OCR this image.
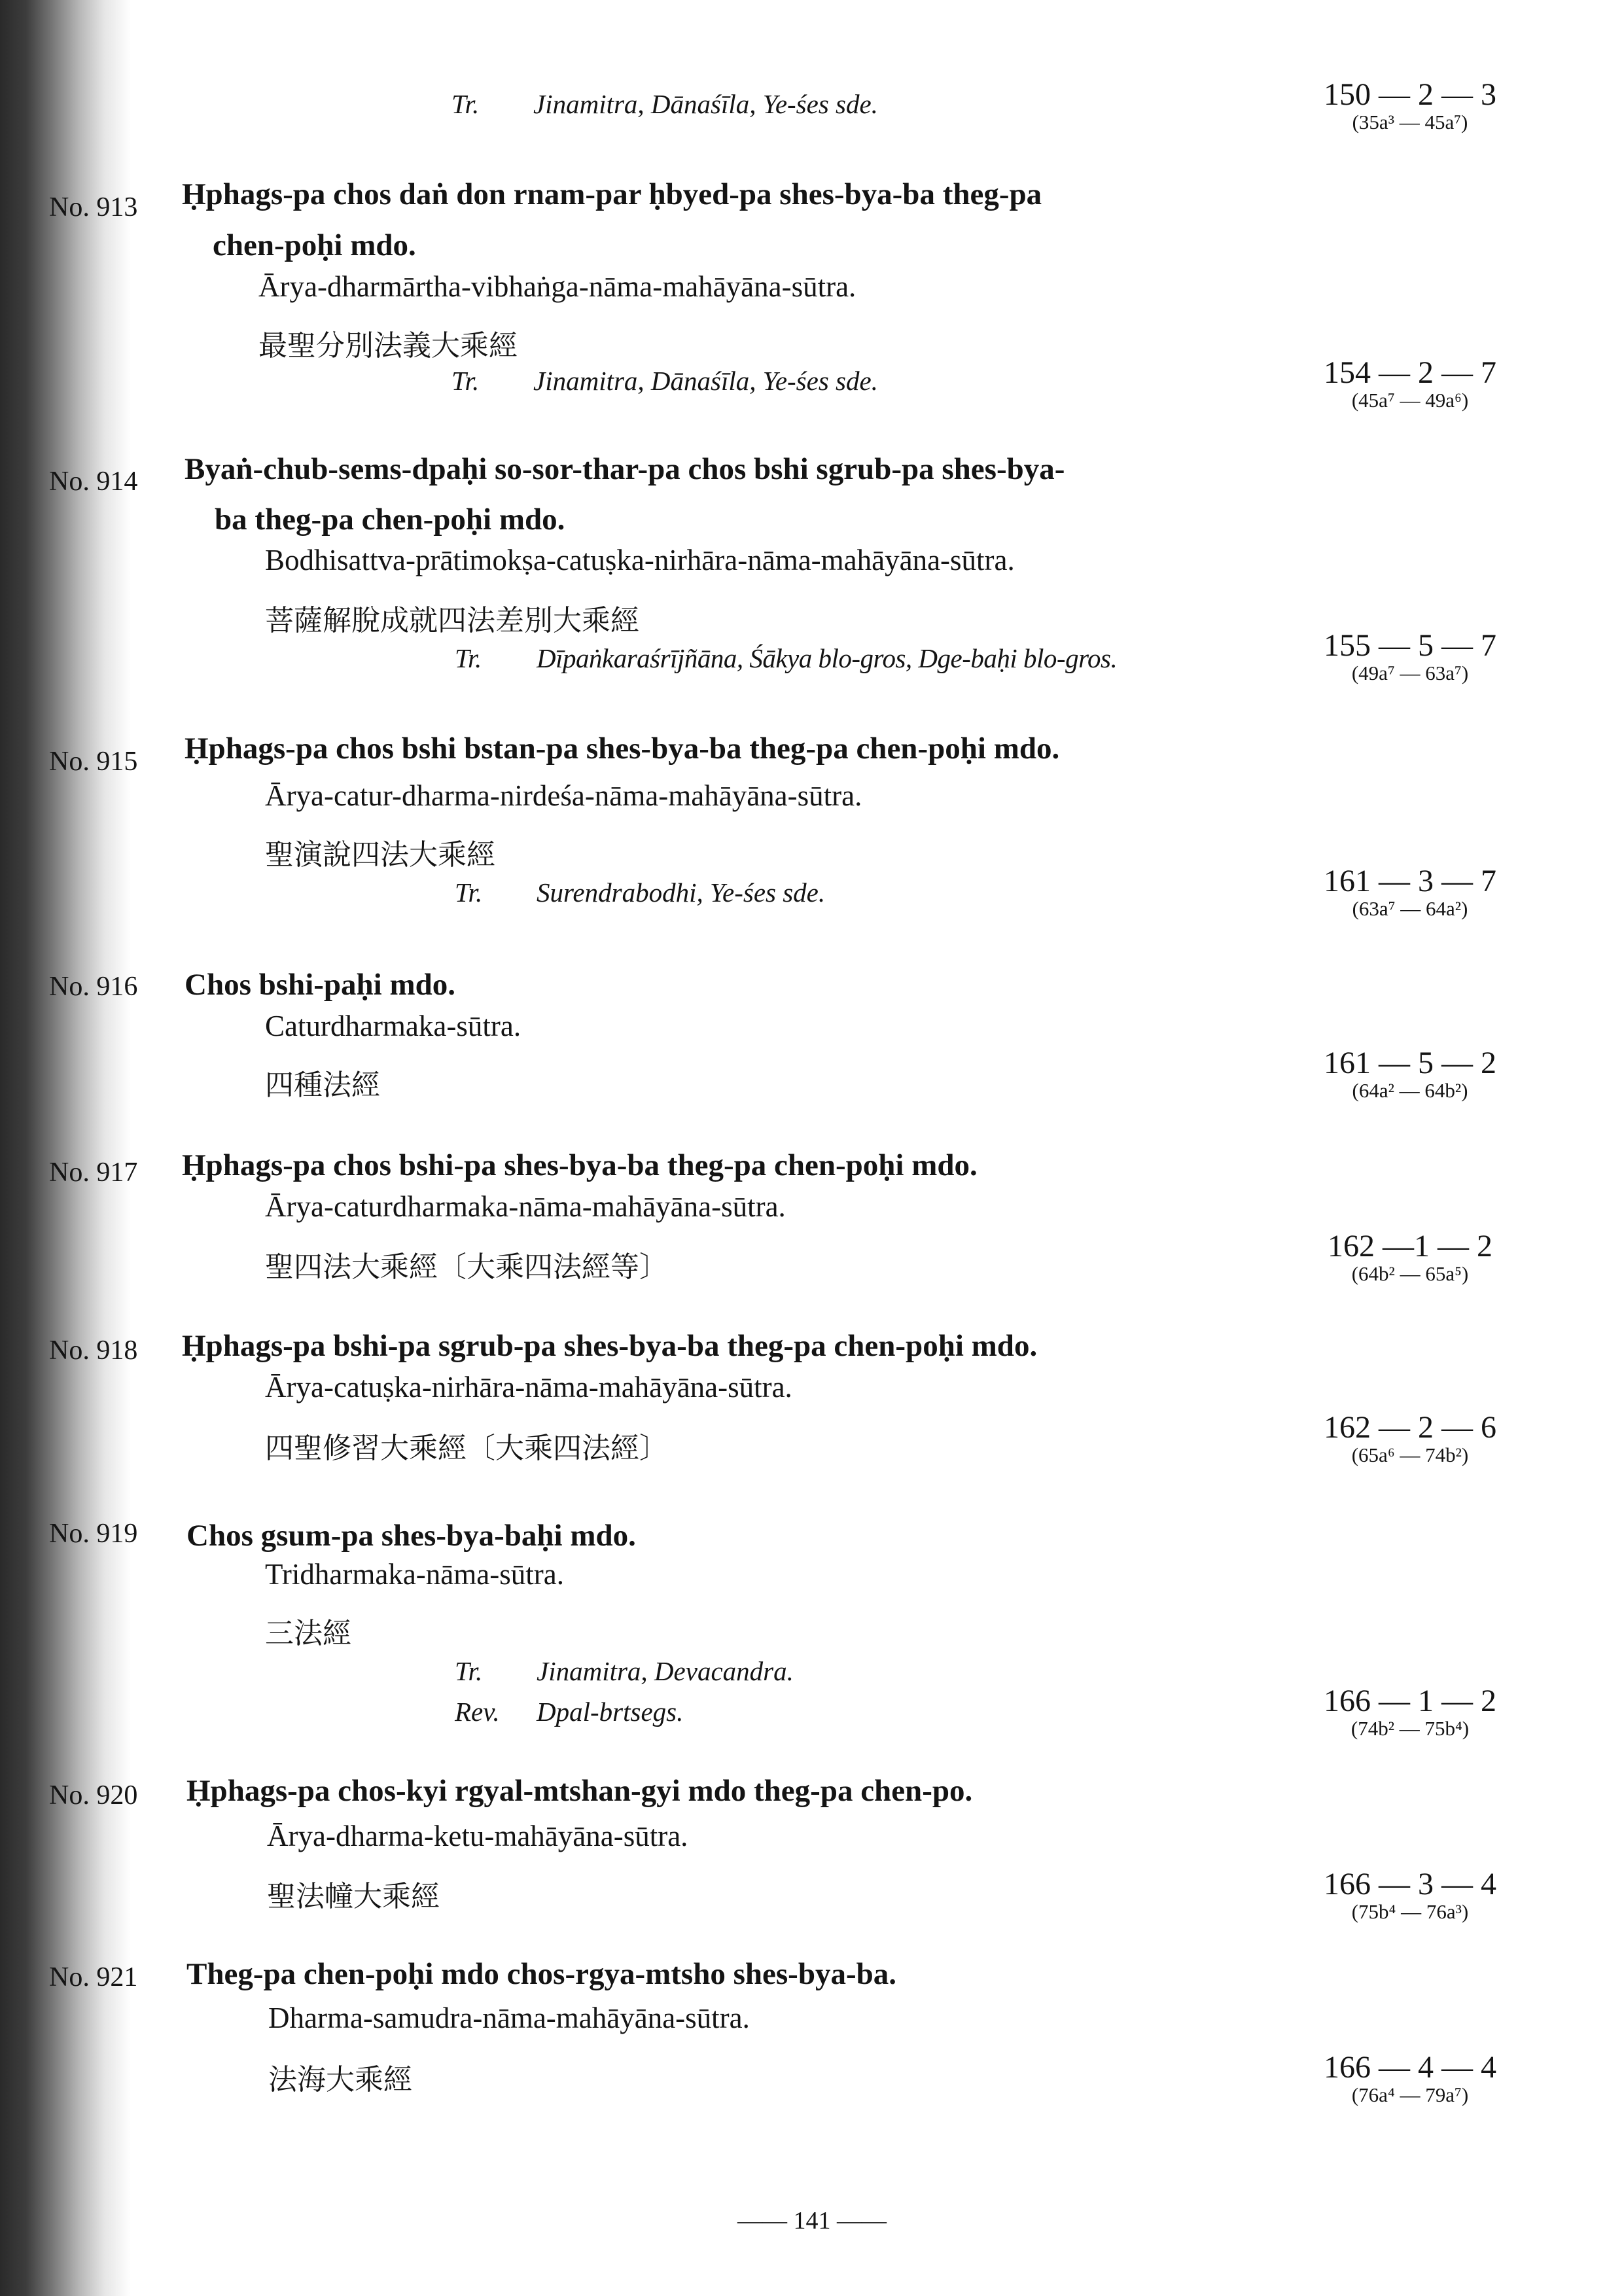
Tr. Jinamitra, Dānaśīla, Ye-śes sde.	150 — 2 — 3
(35a³ — 45a⁷)
No. 913 Ḥphags-pa chos daṅ don rnam-par ḥbyed-pa shes-bya-ba theg-pa
chen-poḥi mdo.
Ārya-dharmārtha-vibhaṅga-nāma-mahāyāna-sūtra.
最聖分別法義大乘經
Tr. Jinamitra, Dānaśīla, Ye-śes sde.	154 — 2 — 7
(45a⁷ — 49a⁶)
No. 914 Byaṅ-chub-sems-dpaḥi so-sor-thar-pa chos bshi sgrub-pa shes-bya-
ba theg-pa chen-poḥi mdo.
Bodhisattva-prātimokṣa-catuṣka-nirhāra-nāma-mahāyāna-sūtra.
菩薩解脫成就四法差別大乘經
Tr. Dīpaṅkaraśrījñāna, Śākya blo-gros, Dge-baḥi blo-gros.	155 — 5 — 7
(49a⁷ — 63a⁷)
No. 915 Ḥphags-pa chos bshi bstan-pa shes-bya-ba theg-pa chen-poḥi mdo.
Ārya-catur-dharma-nirdeśa-nāma-mahāyāna-sūtra.
聖演說四法大乘經
Tr. Surendrabodhi, Ye-śes sde.	161 — 3 — 7
(63a⁷ — 64a²)
No. 916 Chos bshi-paḥi mdo.
Caturdharmaka-sūtra.
四種法經
161 — 5 — 2
(64a² — 64b²)
No. 917 Ḥphags-pa chos bshi-pa shes-bya-ba theg-pa chen-poḥi mdo.
Ārya-caturdharmaka-nāma-mahāyāna-sūtra.
聖四法大乘經〔大乘四法經等〕
162 —1 — 2
(64b² — 65a⁵)
No. 918 Ḥphags-pa bshi-pa sgrub-pa shes-bya-ba theg-pa chen-poḥi mdo.
Ārya-catuṣka-nirhāra-nāma-mahāyāna-sūtra.
四聖修習大乘經〔大乘四法經〕
162 — 2 — 6
(65a⁶ — 74b²)
No. 919 Chos gsum-pa shes-bya-baḥi mdo.
Tridharmaka-nāma-sūtra.
三法經
Tr. Jinamitra, Devacandra.
Rev. Dpal-brtsegs.	166 — 1 — 2
(74b² — 75b⁴)
No. 920 Ḥphags-pa chos-kyi rgyal-mtshan-gyi mdo theg-pa chen-po.
Ārya-dharma-ketu-mahāyāna-sūtra.
聖法幢大乘經	166 — 3 — 4
(75b⁴ — 76a³)
No. 921 Theg-pa chen-poḥi mdo chos-rgya-mtsho shes-bya-ba.
Dharma-samudra-nāma-mahāyāna-sūtra.
法海大乘經	166 — 4 — 4
(76a⁴ — 79a⁷)
—— 141 ——
